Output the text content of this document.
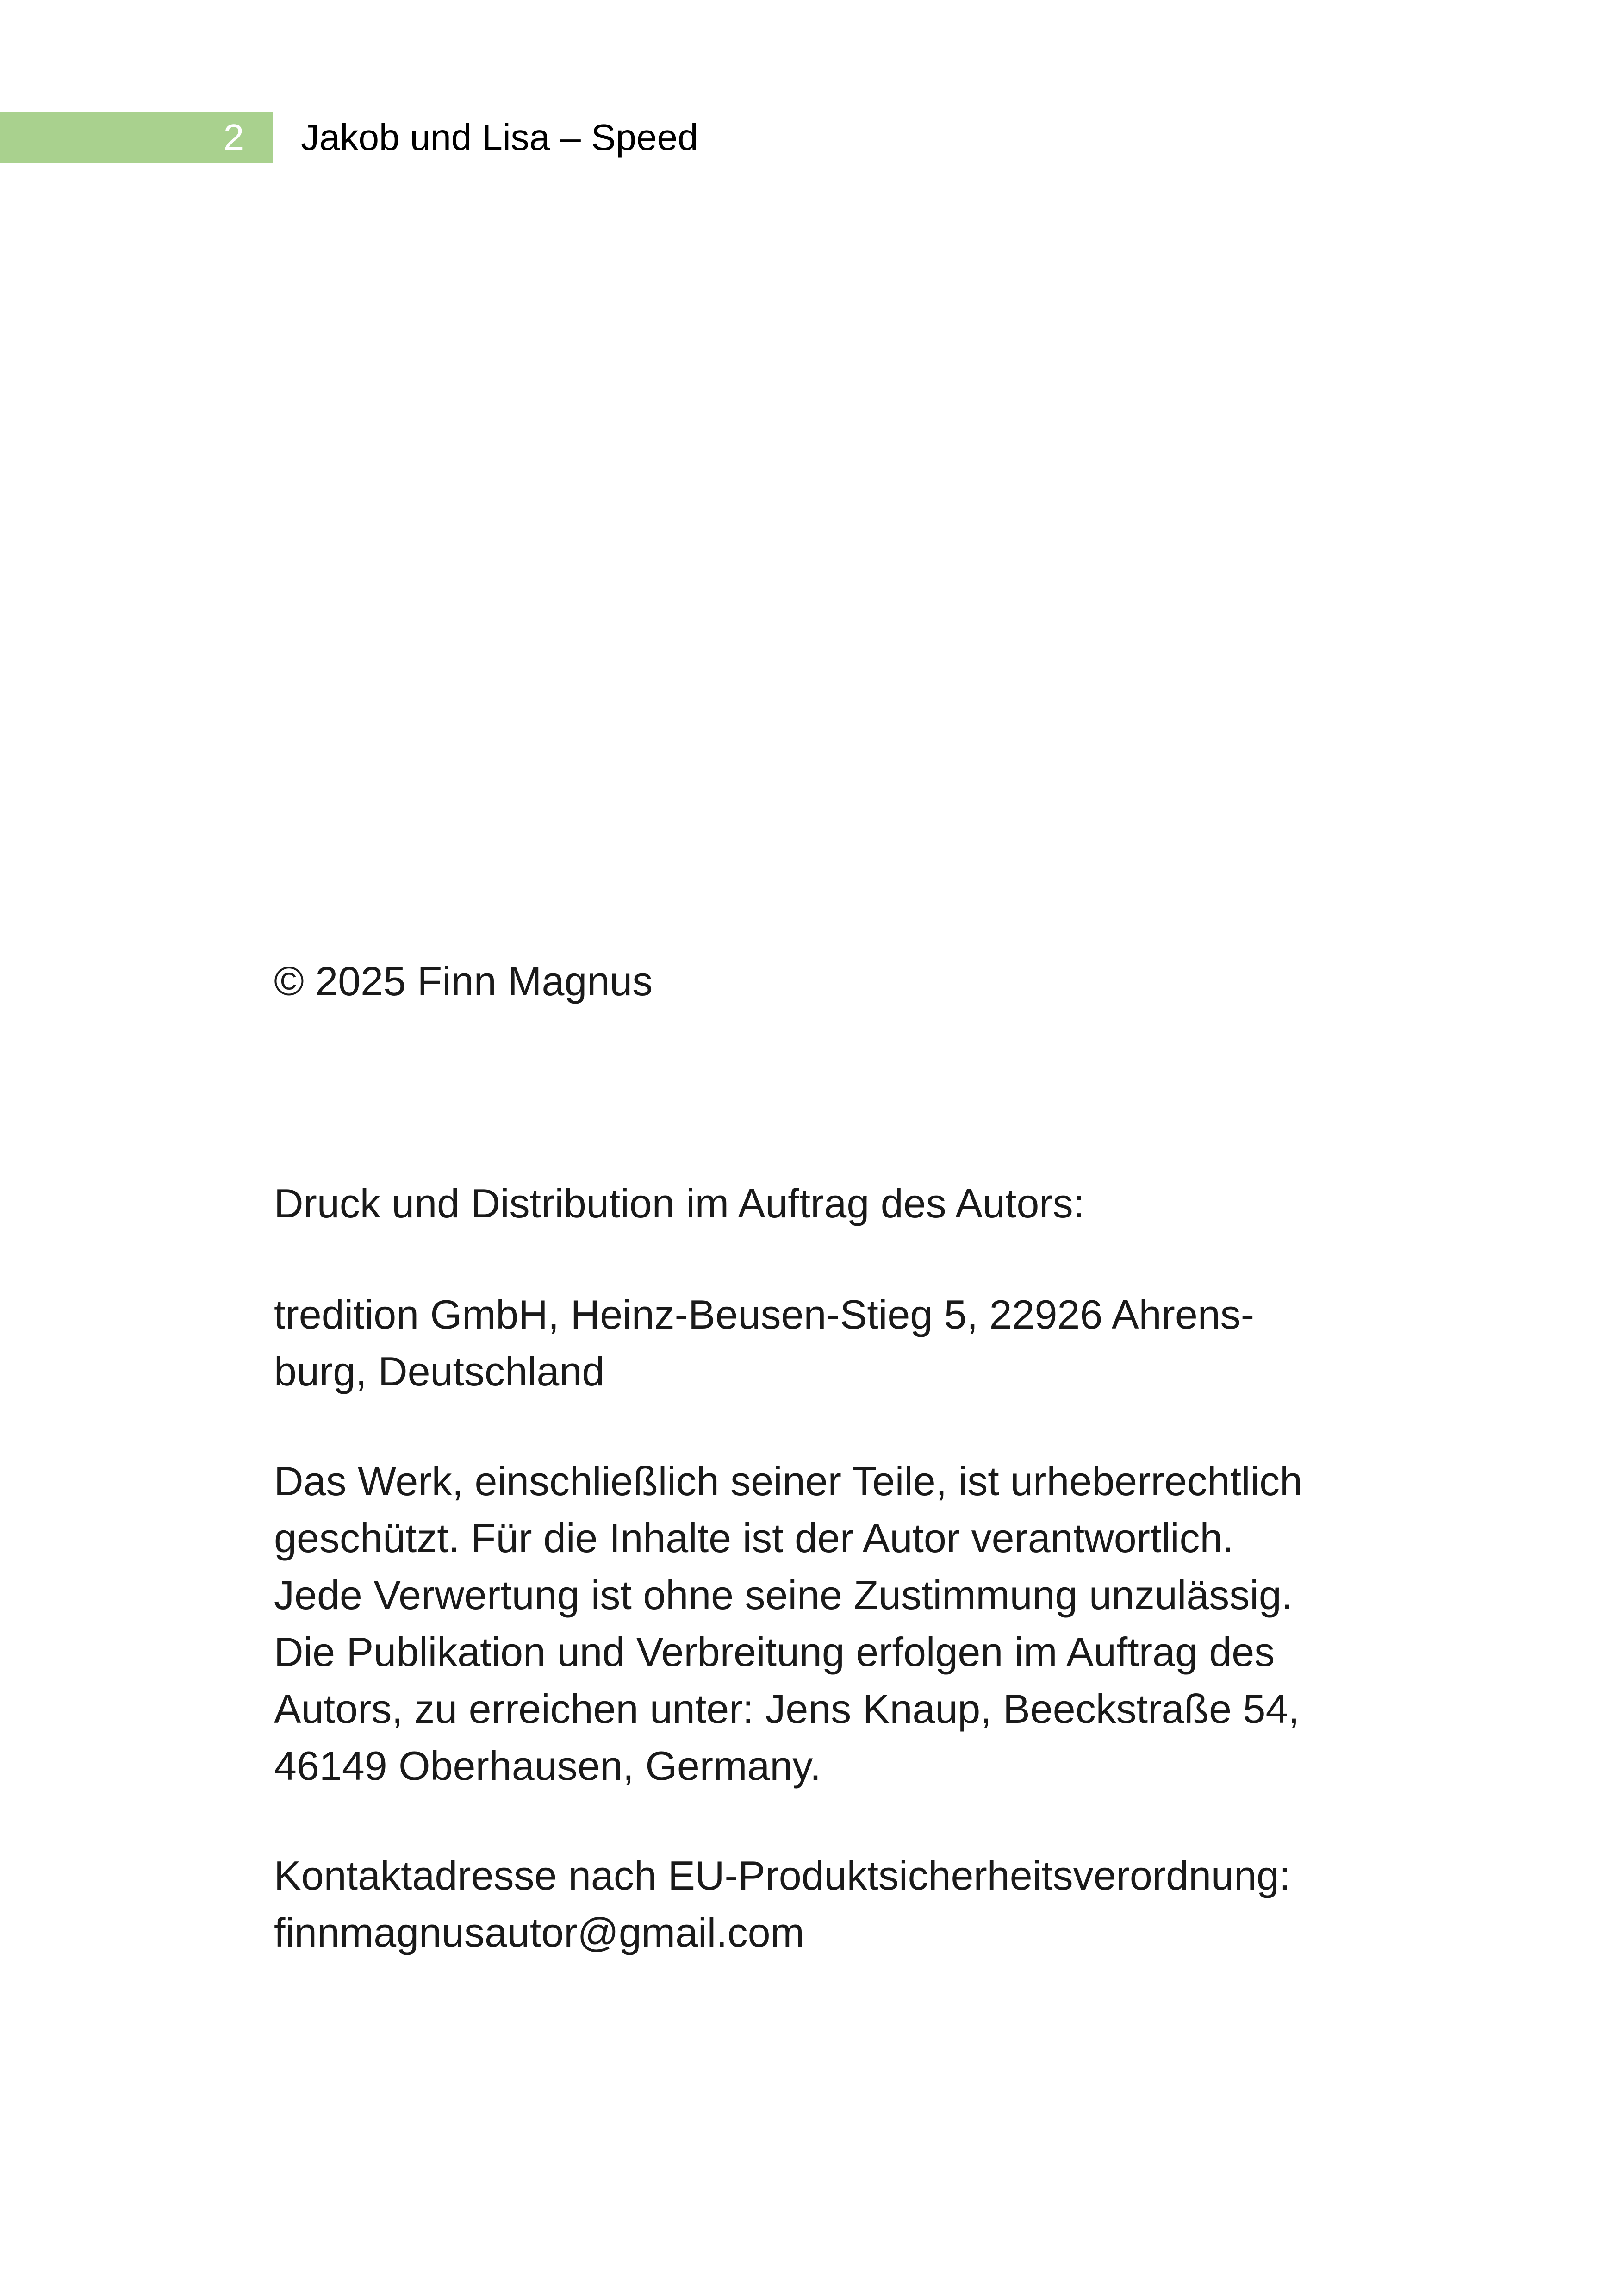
2 Jakob und Lisa – Speed

© 2025 Finn Magnus

Druck und Distribution im Auftrag des Autors:

tredition GmbH, Heinz-Beusen-Stieg 5, 22926 Ahrens-

burg, Deutschland

Das Werk, einschließlich seiner Teile, ist urheberrechtlich

geschützt. Für die Inhalte ist der Autor verantwortlich.

Jede Verwertung ist ohne seine Zustimmung unzulässig.

Die Publikation und Verbreitung erfolgen im Auftrag des

Autors, zu erreichen unter: Jens Knaup, Beeckstraße 54,

46149 Oberhausen, Germany.

Kontaktadresse nach EU-Produktsicherheitsverordnung:

finnmagnusautor@gmail.com
